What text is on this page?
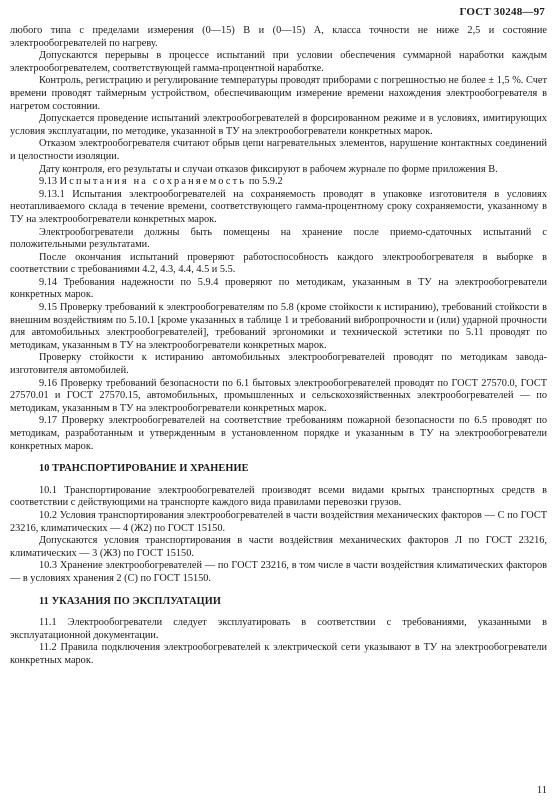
ГОСТ 30248—97

любого типа с пределами измерения (0—15) В и (0—15) А, класса точности не ниже 2,5 и состояние электрообогревателей по нагреву.

Допускаются перерывы в процессе испытаний при условии обеспечения суммарной наработки каждым электрообогревателем, соответствующей гамма-процентной наработке.

Контроль, регистрацию и регулирование температуры проводят приборами с погрешностью не более ± 1,5 %. Счет времени проводят таймерным устройством, обеспечивающим измерение времени нахождения электрообогревателя в нагретом состоянии.

Допускается проведение испытаний электрообогревателей в форсированном режиме и в условиях, имитирующих условия эксплуатации, по методике, указанной в ТУ на электрообогреватели конкретных марок.

Отказом электрообогревателя считают обрыв цепи нагревательных элементов, нарушение контактных соединений и целостности изоляции.

Дату контроля, его результаты и случаи отказов фиксируют в рабочем журнале по форме приложения В.

9.13 Испытания на сохраняемость по 5.9.2

9.13.1 Испытания электрообогревателей на сохраняемость проводят в упаковке изготовителя в условиях неотапливаемого склада в течение времени, соответствующего гамма-процентному сроку сохраняемости, указанному в ТУ на электрообогреватели конкретных марок.

Электрообогреватели должны быть помещены на хранение после приемо-сдаточных испытаний с положительными результатами.

После окончания испытаний проверяют работоспособность каждого электрообогревателя в выборке в соответствии с требованиями 4.2, 4.3, 4.4, 4.5 и 5.5.

9.14 Требования надежности по 5.9.4 проверяют по методикам, указанным в ТУ на электрообогреватели конкретных марок.

9.15 Проверку требований к электрообогревателям по 5.8 (кроме стойкости к истиранию), требований стойкости в внешним воздействиям по 5.10.1 [кроме указанных в таблице 1 и требований вибропрочности и (или) ударной прочности для автомобильных электрообогревателей], требований эргономики и технической эстетики по 5.11 проводят по методикам, указанным в ТУ на электрообогреватели конкретных марок.

Проверку стойкости к истиранию автомобильных электрообогревателей проводят по методикам завода-изготовителя автомобилей.

9.16 Проверку требований безопасности по 6.1 бытовых электрообогревателей проводят по ГОСТ 27570.0, ГОСТ 27570.01 и ГОСТ 27570.15, автомобильных, промышленных и сельскохозяйственных электрообогревателей — по методикам, указанным в ТУ на электрообогреватели конкретных марок.

9.17 Проверку электрообогревателей на соответствие требованиям пожарной безопасности по 6.5 проводят по методикам, разработанным и утвержденным в установленном порядке и указанным в ТУ на электрообогреватели конкретных марок.

10 ТРАНСПОРТИРОВАНИЕ И ХРАНЕНИЕ

10.1 Транспортирование электрообогревателей производят всеми видами крытых транспортных средств в соответствии с действующими на транспорте каждого вида правилами перевозки грузов.

10.2 Условия транспортирования электрообогревателей в части воздействия механических факторов — С по ГОСТ 23216, климатических — 4 (Ж2) по ГОСТ 15150.

Допускаются условия транспортирования в части воздействия механических факторов Л по ГОСТ 23216, климатических — 3 (ЖЗ) по ГОСТ 15150.

10.3 Хранение электрообогревателей — по ГОСТ 23216, в том числе в части воздействия климатических факторов — в условиях хранения 2 (С) по ГОСТ 15150.

11 УКАЗАНИЯ ПО ЭКСПЛУАТАЦИИ

11.1 Электрообогреватели следует эксплуатировать в соответствии с требованиями, указанными в эксплуатационной документации.

11.2 Правила подключения электрообогревателей к электрической сети указывают в ТУ на электрообогреватели конкретных марок.

11
